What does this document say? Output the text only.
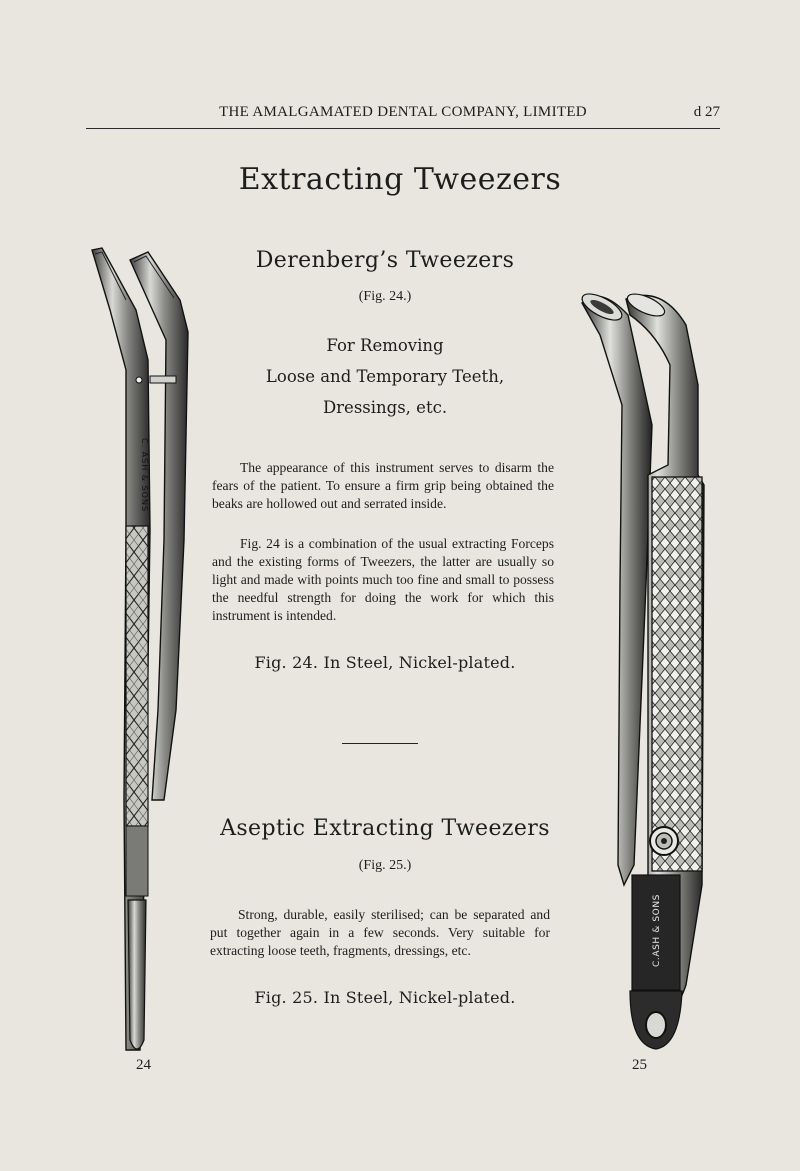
THE AMALGAMATED DENTAL COMPANY, LIMITED	d 27
Extracting Tweezers
Derenberg’s Tweezers
(Fig. 24.)
For Removing
Loose and Temporary Teeth,
Dressings, etc.
The appearance of this instrument serves to disarm the fears of the patient. To ensure a firm grip being obtained the beaks are hollowed out and serrated inside.
Fig. 24 is a combination of the usual extracting Forceps and the existing forms of Tweezers, the latter are usually so light and made with points much too fine and small to possess the needful strength for doing the work for which this instrument is intended.
Fig. 24. In Steel, Nickel-plated.
Aseptic Extracting Tweezers
(Fig. 25.)
Strong, durable, easily sterilised; can be separated and put together again in a few seconds. Very suitable for extracting loose teeth, fragments, dressings, etc.
Fig. 25. In Steel, Nickel-plated.
C. ASH & SONS
24
C.ASH & SONS
25
